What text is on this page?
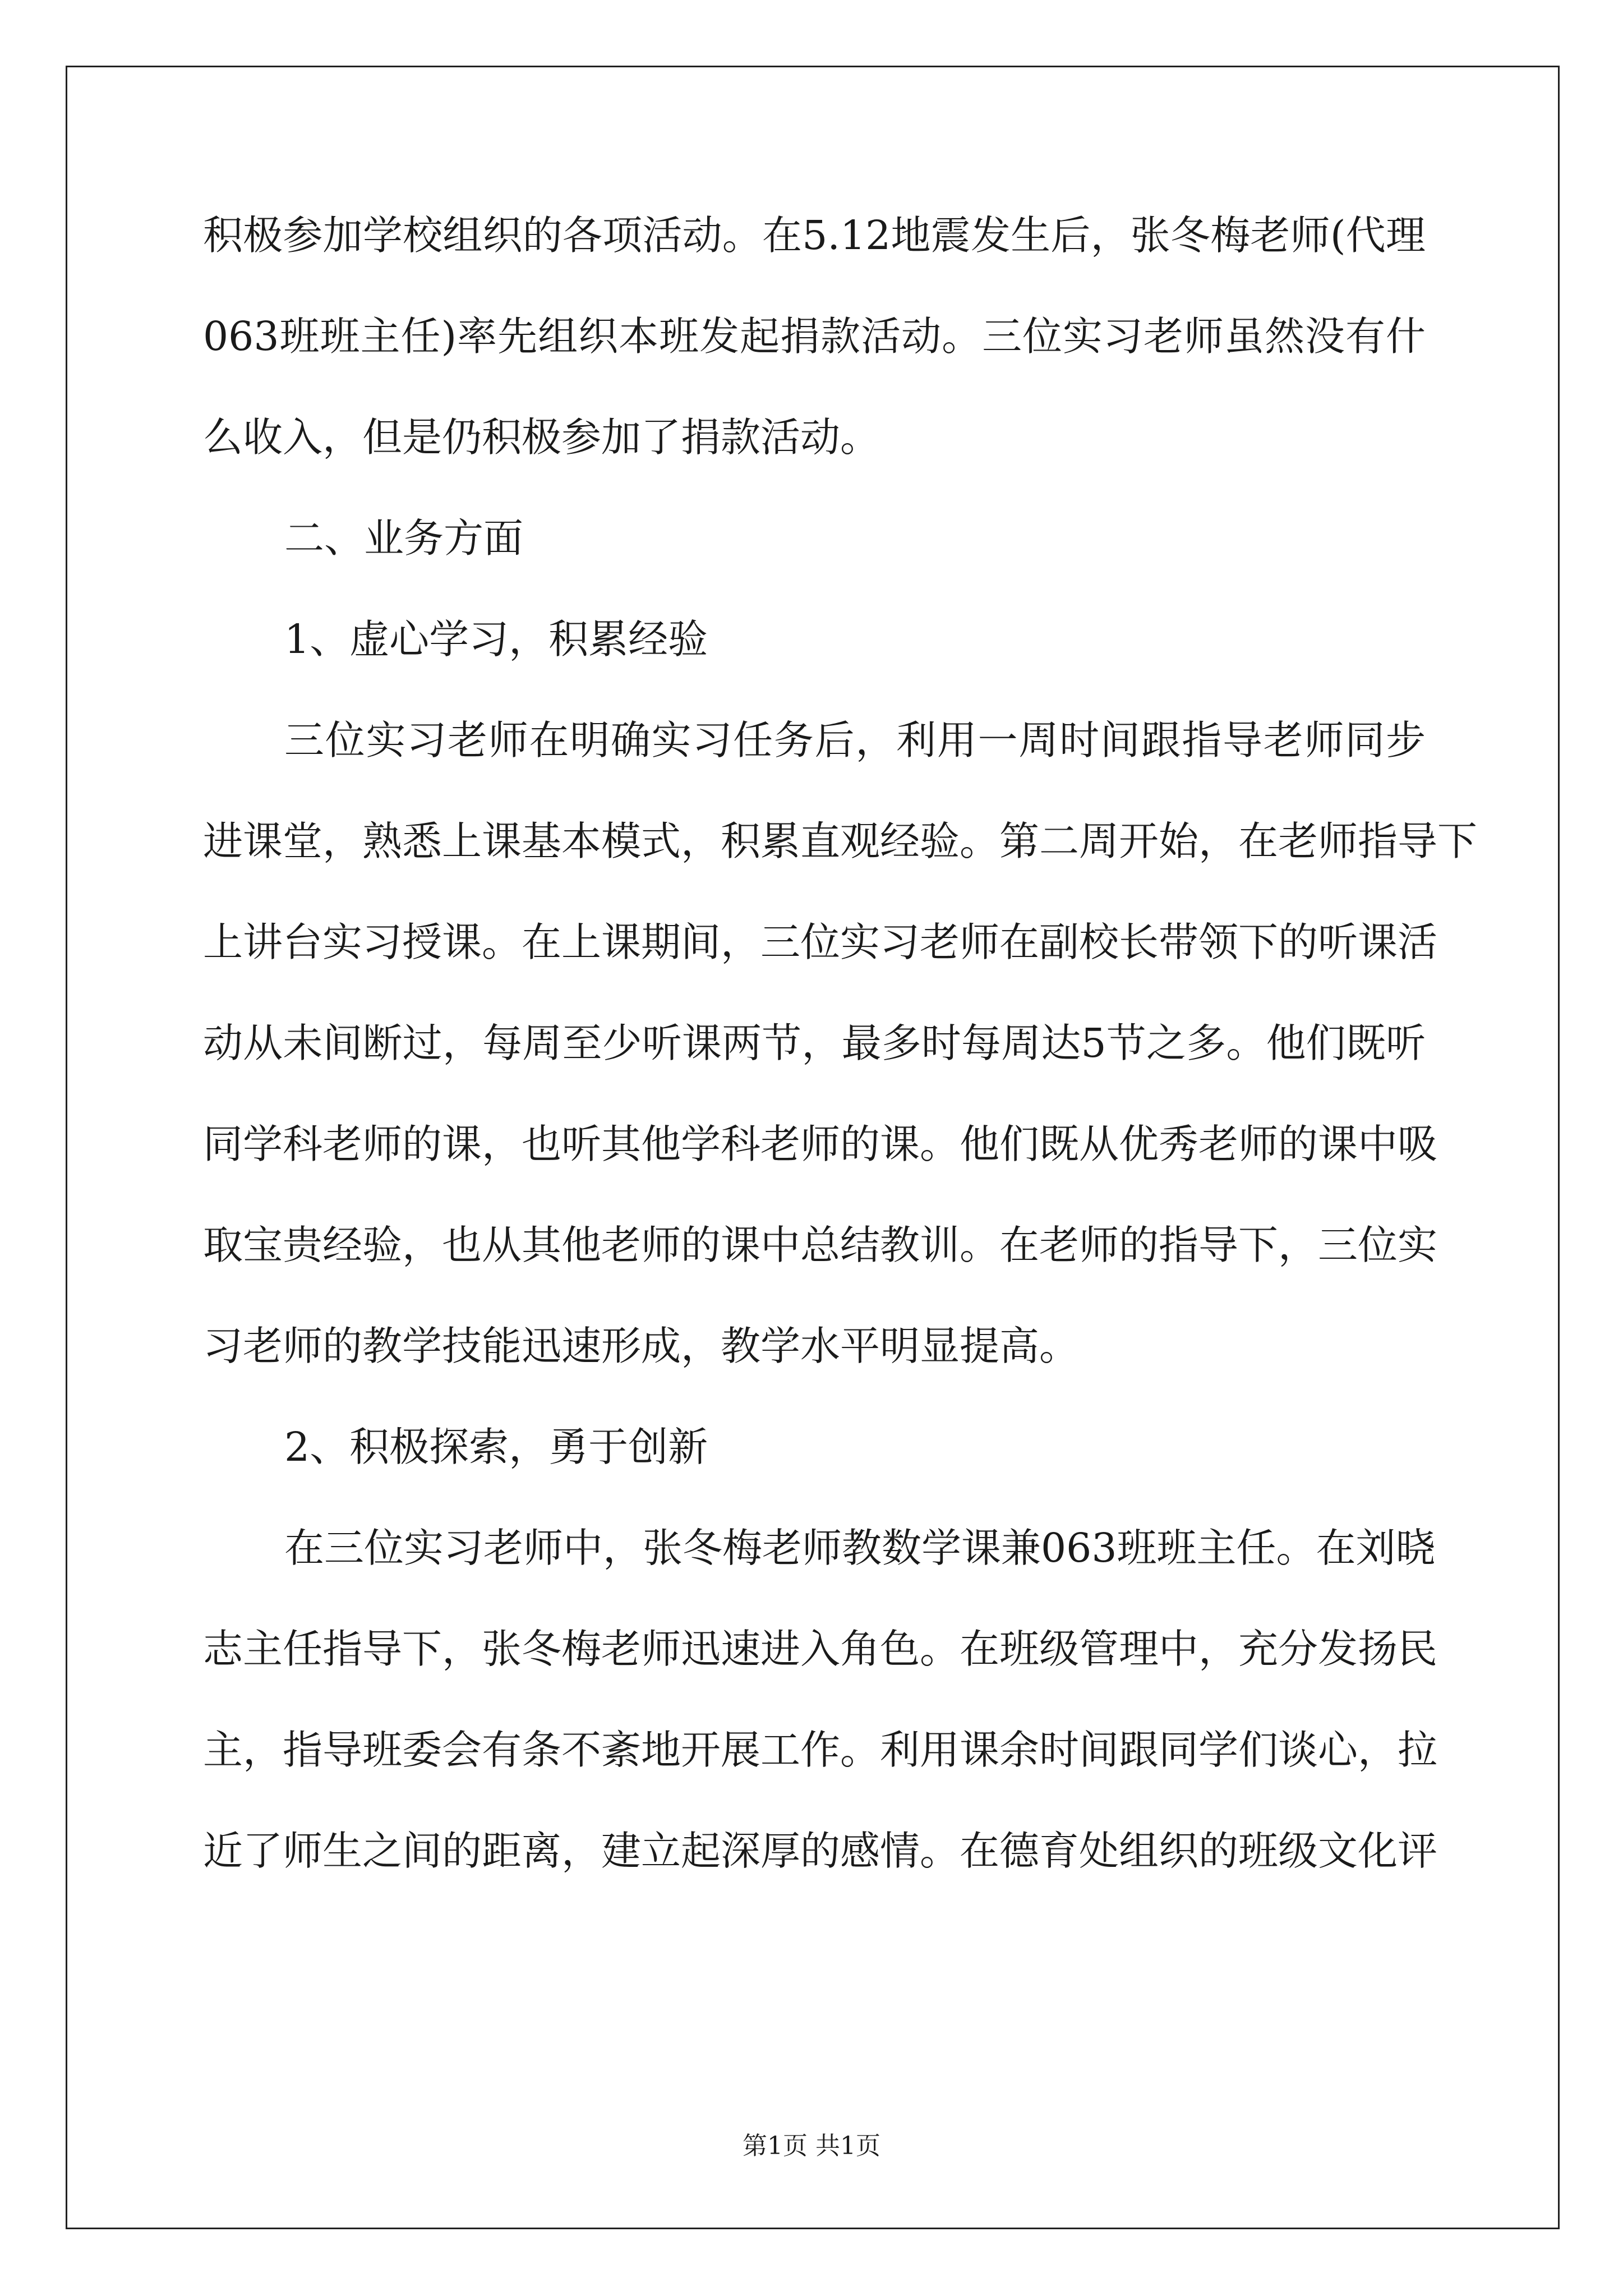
积极参加学校组织的各项活动。在5.12地震发生后，张冬梅老师(代理
063班班主任)率先组织本班发起捐款活动。三位实习老师虽然没有什
么收入，但是仍积极参加了捐款活动。
二、业务方面
1、虚心学习，积累经验
三位实习老师在明确实习任务后，利用一周时间跟指导老师同步
进课堂，熟悉上课基本模式，积累直观经验。第二周开始，在老师指导下
上讲台实习授课。在上课期间，三位实习老师在副校长带领下的听课活
动从未间断过，每周至少听课两节，最多时每周达5节之多。他们既听
同学科老师的课，也听其他学科老师的课。他们既从优秀老师的课中吸
取宝贵经验，也从其他老师的课中总结教训。在老师的指导下，三位实
习老师的教学技能迅速形成，教学水平明显提高。
2、积极探索，勇于创新
在三位实习老师中，张冬梅老师教数学课兼063班班主任。在刘晓
志主任指导下，张冬梅老师迅速进入角色。在班级管理中，充分发扬民
主，指导班委会有条不紊地开展工作。利用课余时间跟同学们谈心，拉
近了师生之间的距离，建立起深厚的感情。在德育处组织的班级文化评
第1页 共1页
